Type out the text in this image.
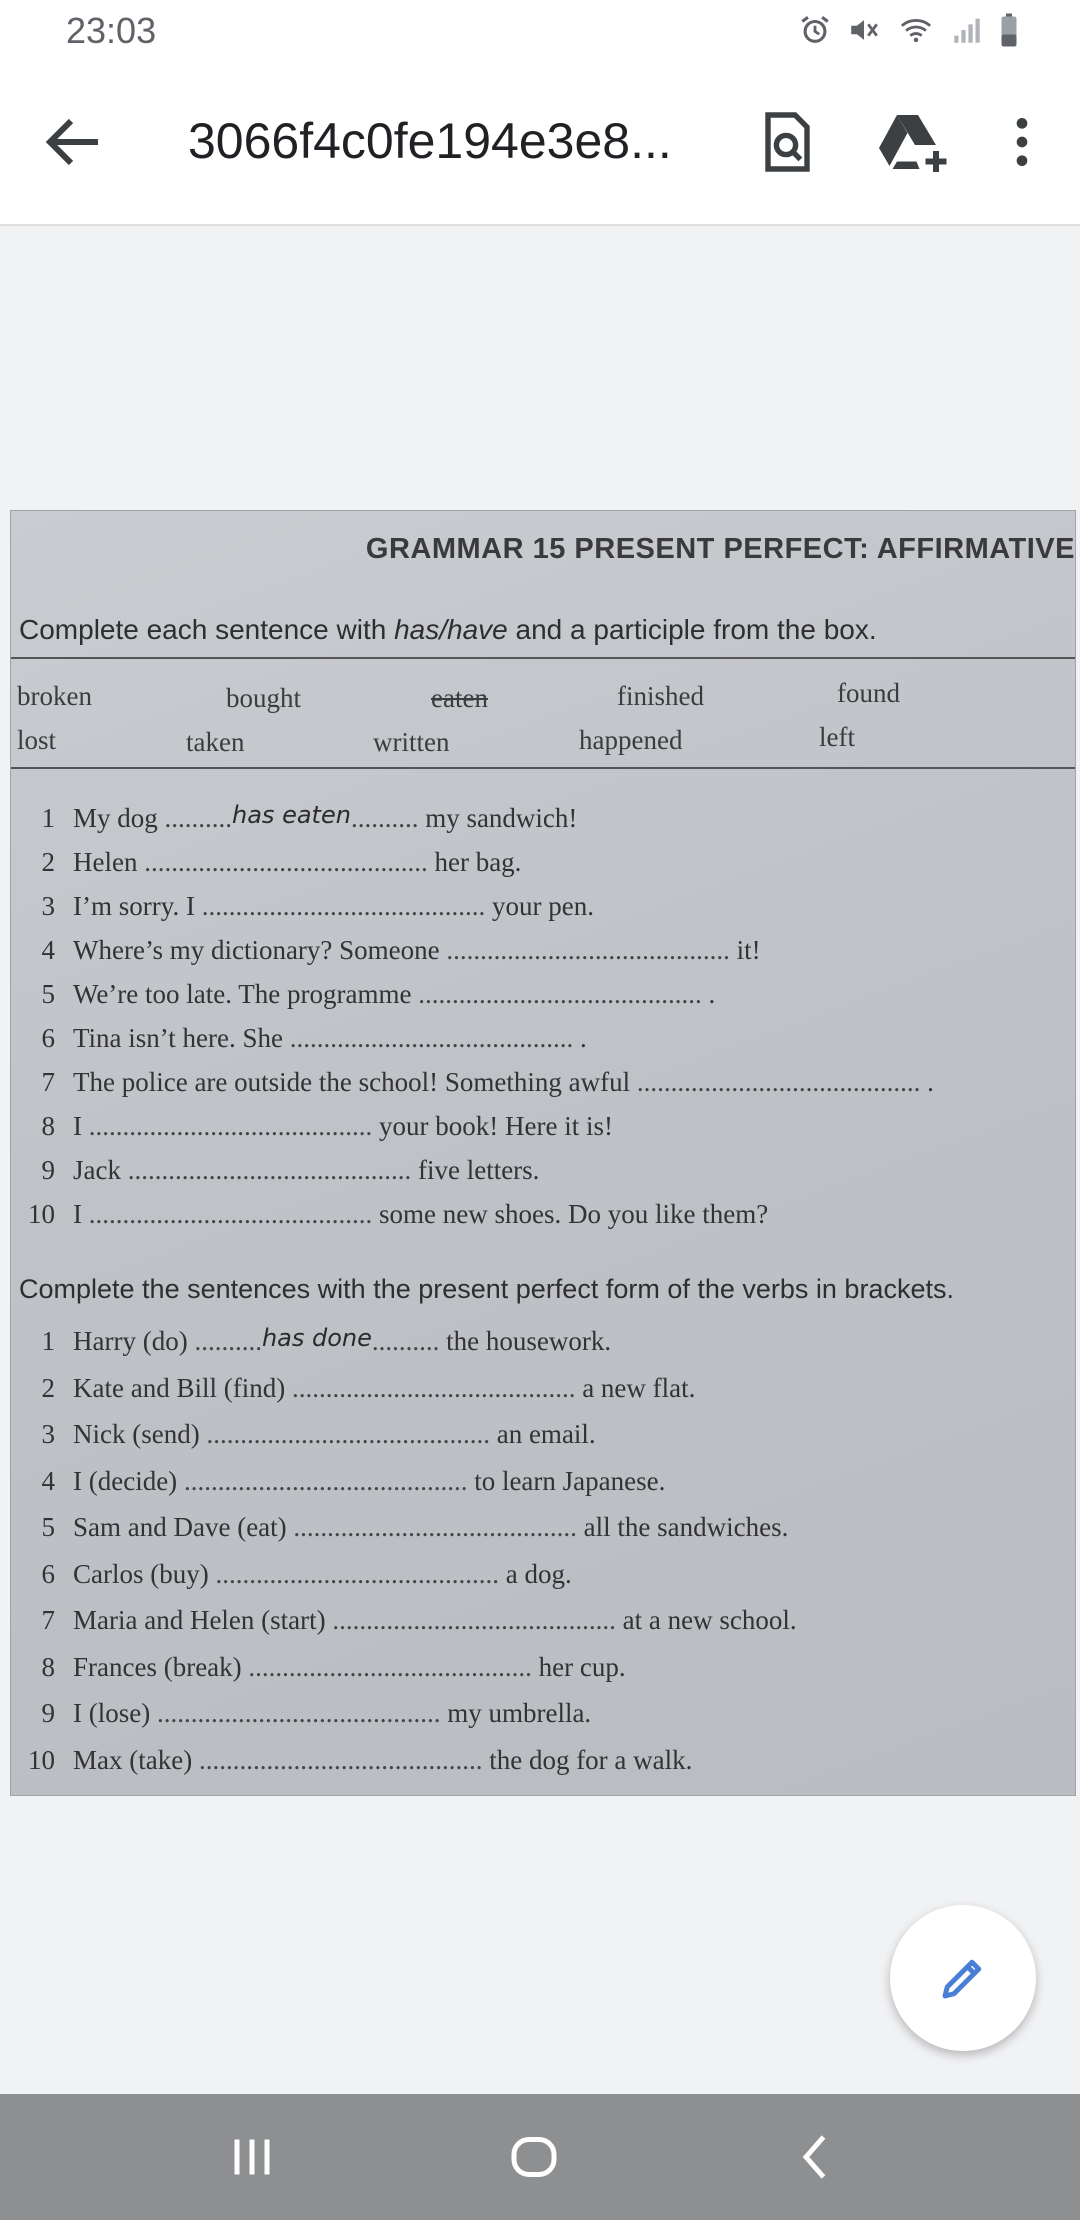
23:03
3066f4c0fe194e3e8...
GRAMMAR 15 PRESENT PERFECT: AFFIRMATIVE
Complete each sentence with has/have and a participle from the box.
broken	bought	eaten	finished	found
lost	taken	written	happened	left
1 My dog ..........has eaten.......... my sandwich!
2 Helen .......................................... her bag.
3 I’m sorry. I .......................................... your pen.
4 Where’s my dictionary? Someone .......................................... it!
5 We’re too late. The programme .......................................... .
6 Tina isn’t here. She .......................................... .
7 The police are outside the school! Something awful .......................................... .
8 I .......................................... your book! Here it is!
9 Jack .......................................... five letters.
10 I .......................................... some new shoes. Do you like them?
Complete the sentences with the present perfect form of the verbs in brackets.
1 Harry (do) ..........has done.......... the housework.
2 Kate and Bill (find) .......................................... a new flat.
3 Nick (send) .......................................... an email.
4 I (decide) .......................................... to learn Japanese.
5 Sam and Dave (eat) .......................................... all the sandwiches.
6 Carlos (buy) .......................................... a dog.
7 Maria and Helen (start) .......................................... at a new school.
8 Frances (break) .......................................... her cup.
9 I (lose) .......................................... my umbrella.
10 Max (take) .......................................... the dog for a walk.
